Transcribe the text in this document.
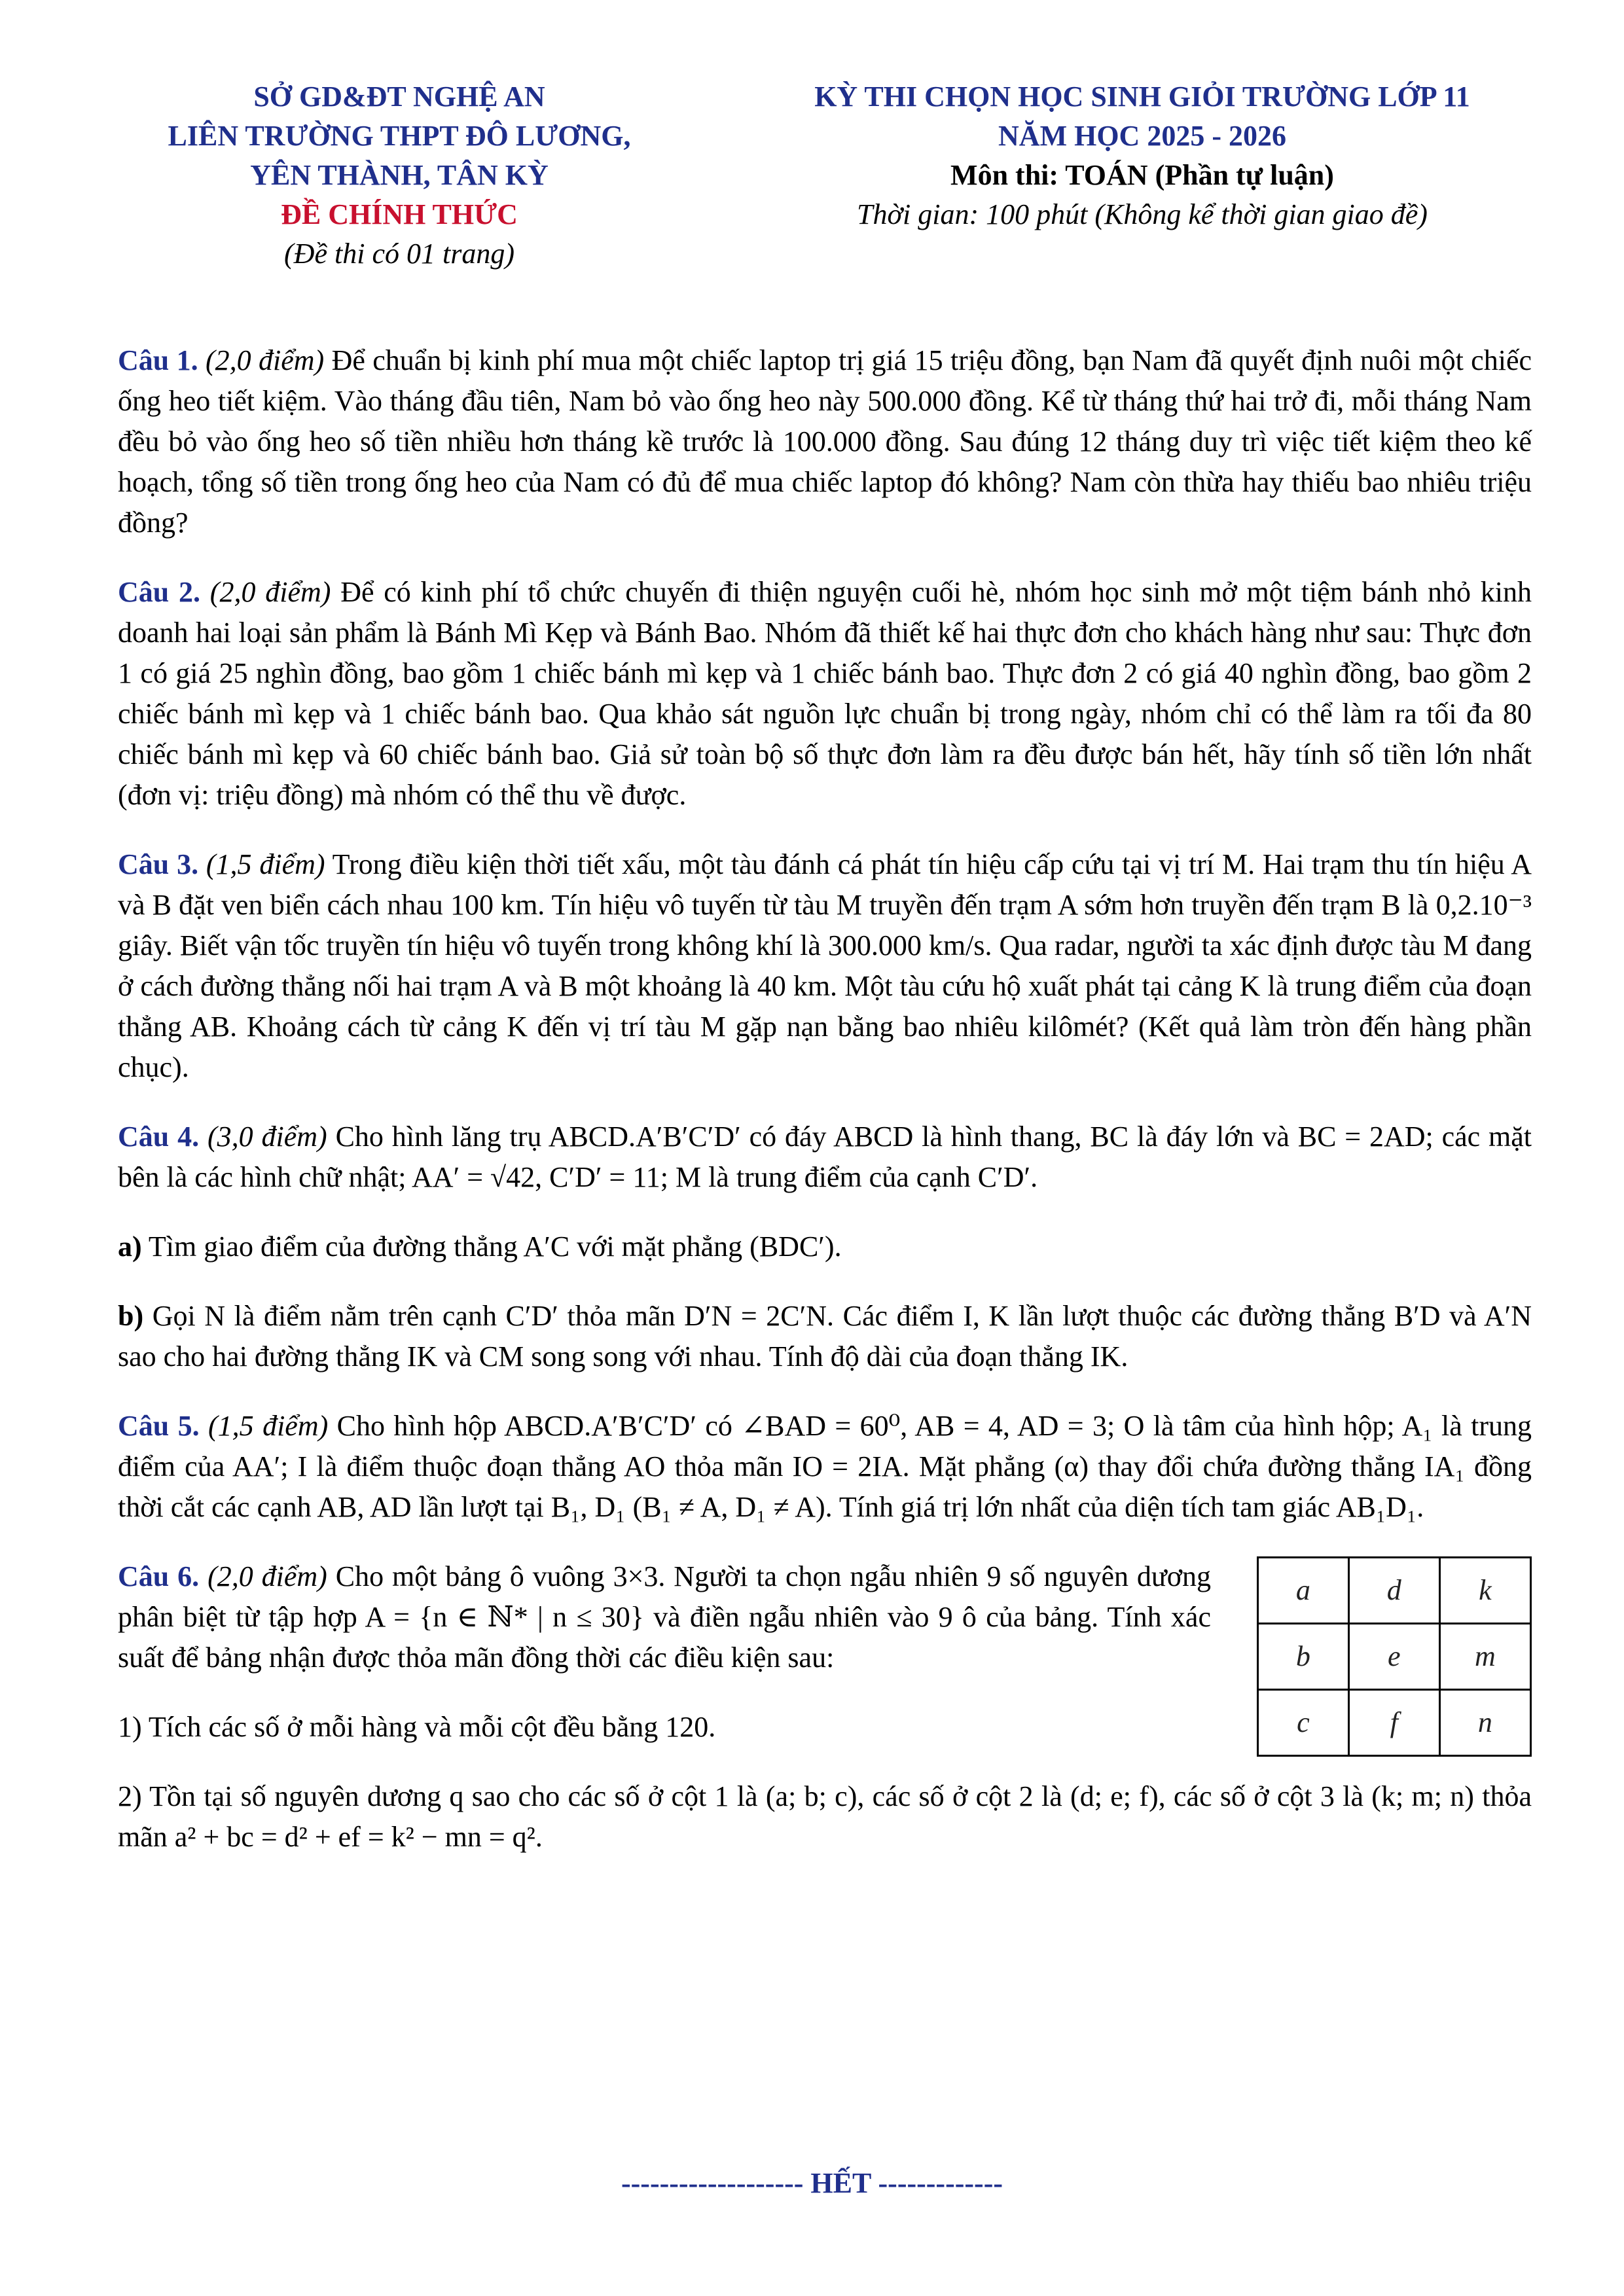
SỞ GD&ĐT NGHỆ AN
LIÊN TRƯỜNG THPT ĐÔ LƯƠNG,
YÊN THÀNH, TÂN KỲ
ĐỀ CHÍNH THỨC
(Đề thi có 01 trang)
KỲ THI CHỌN HỌC SINH GIỎI TRƯỜNG LỚP 11
NĂM HỌC 2025 - 2026
Môn thi: TOÁN (Phần tự luận)
Thời gian: 100 phút (Không kể thời gian giao đề)

Câu 1. (2,0 điểm) Để chuẩn bị kinh phí mua một chiếc laptop trị giá 15 triệu đồng, bạn Nam đã quyết định nuôi một chiếc ống heo tiết kiệm. Vào tháng đầu tiên, Nam bỏ vào ống heo này 500.000 đồng. Kể từ tháng thứ hai trở đi, mỗi tháng Nam đều bỏ vào ống heo số tiền nhiều hơn tháng kề trước là 100.000 đồng. Sau đúng 12 tháng duy trì việc tiết kiệm theo kế hoạch, tổng số tiền trong ống heo của Nam có đủ để mua chiếc laptop đó không? Nam còn thừa hay thiếu bao nhiêu triệu đồng?

Câu 2. (2,0 điểm) Để có kinh phí tổ chức chuyến đi thiện nguyện cuối hè, nhóm học sinh mở một tiệm bánh nhỏ kinh doanh hai loại sản phẩm là Bánh Mì Kẹp và Bánh Bao. Nhóm đã thiết kế hai thực đơn cho khách hàng như sau: Thực đơn 1 có giá 25 nghìn đồng, bao gồm 1 chiếc bánh mì kẹp và 1 chiếc bánh bao. Thực đơn 2 có giá 40 nghìn đồng, bao gồm 2 chiếc bánh mì kẹp và 1 chiếc bánh bao. Qua khảo sát nguồn lực chuẩn bị trong ngày, nhóm chỉ có thể làm ra tối đa 80 chiếc bánh mì kẹp và 60 chiếc bánh bao. Giả sử toàn bộ số thực đơn làm ra đều được bán hết, hãy tính số tiền lớn nhất (đơn vị: triệu đồng) mà nhóm có thể thu về được.

Câu 3. (1,5 điểm) Trong điều kiện thời tiết xấu, một tàu đánh cá phát tín hiệu cấp cứu tại vị trí M. Hai trạm thu tín hiệu A và B đặt ven biển cách nhau 100 km. Tín hiệu vô tuyến từ tàu M truyền đến trạm A sớm hơn truyền đến trạm B là 0,2.10⁻³ giây. Biết vận tốc truyền tín hiệu vô tuyến trong không khí là 300.000 km/s. Qua radar, người ta xác định được tàu M đang ở cách đường thẳng nối hai trạm A và B một khoảng là 40 km. Một tàu cứu hộ xuất phát tại cảng K là trung điểm của đoạn thẳng AB. Khoảng cách từ cảng K đến vị trí tàu M gặp nạn bằng bao nhiêu kilômét? (Kết quả làm tròn đến hàng phần chục).

Câu 4. (3,0 điểm) Cho hình lăng trụ ABCD.A′B′C′D′ có đáy ABCD là hình thang, BC là đáy lớn và BC = 2AD; các mặt bên là các hình chữ nhật; AA′ = √42, C′D′ = 11; M là trung điểm của cạnh C′D′.

a) Tìm giao điểm của đường thẳng A′C với mặt phẳng (BDC′).

b) Gọi N là điểm nằm trên cạnh C′D′ thỏa mãn D′N = 2C′N. Các điểm I, K lần lượt thuộc các đường thẳng B′D và A′N sao cho hai đường thẳng IK và CM song song với nhau. Tính độ dài của đoạn thẳng IK.

Câu 5. (1,5 điểm) Cho hình hộp ABCD.A′B′C′D′ có ∠BAD = 60⁰, AB = 4, AD = 3; O là tâm của hình hộp; A₁ là trung điểm của AA′; I là điểm thuộc đoạn thẳng AO thỏa mãn IO = 2IA. Mặt phẳng (α) thay đổi chứa đường thẳng IA₁ đồng thời cắt các cạnh AB, AD lần lượt tại B₁, D₁ (B₁ ≠ A, D₁ ≠ A). Tính giá trị lớn nhất của diện tích tam giác AB₁D₁.

Câu 6. (2,0 điểm) Cho một bảng ô vuông 3×3. Người ta chọn ngẫu nhiên 9 số nguyên dương phân biệt từ tập hợp A = {n ∈ ℕ* | n ≤ 30} và điền ngẫu nhiên vào 9 ô của bảng. Tính xác suất để bảng nhận được thỏa mãn đồng thời các điều kiện sau:

1) Tích các số ở mỗi hàng và mỗi cột đều bằng 120.

2) Tồn tại số nguyên dương q sao cho các số ở cột 1 là (a; b; c), các số ở cột 2 là (d; e; f), các số ở cột 3 là (k; m; n) thỏa mãn a² + bc = d² + ef = k² − mn = q².

a	d	k
b	e	m
c	f	n
------------------- HẾT -------------
